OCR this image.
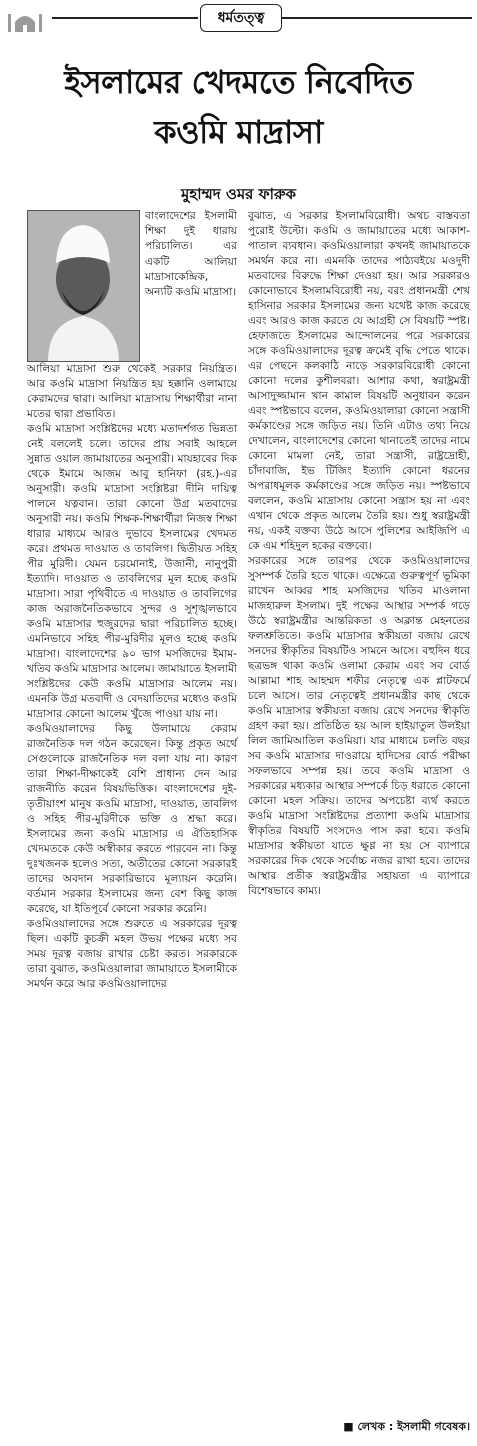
ধর্মতত্ত্ব
ইসলামের খেদমতে নিবেদিত
কওমি মাদ্রাসা
মুহাম্মদ ওমর ফারুক
বাংলাদেশের ইসলামী শিক্ষা দুই ধারায় পরিচালিত। এর একটি আলিয়া মাদ্রাসাকেন্দ্রিক, অন্যটি কওমি মাদ্রাসা।

আলিয়া মাদ্রাসা শুরু থেকেই সরকার নিয়ন্ত্রিত। আর কওমি মাদ্রাসা নিয়ন্ত্রিত হয় হক্কানি ওলামায়ে কেরামদের দ্বারা। আলিয়া মাদ্রাসায় শিক্ষার্থীরা নানা মতের দ্বারা প্রভাবিত।

কওমি মাদ্রাসা সংশ্লিষ্টদের মধ্যে মতাদর্শগত ভিন্নতা নেই বললেই চলে। তাদের প্রায় সবাই আহলে সুন্নাত ওয়াল জামায়াতের অনুসারী। মাযহাবের দিক থেকে ইমামে আজম আবু হানিফা (রহ.)-এর অনুসারী। কওমি মাদ্রাসা সংশ্লিষ্টরা দীনি দায়িত্ব পালনে যত্নবান। তারা কোনো উগ্র মতবাদের অনুসারী নয়। কওমি শিক্ষক-শিক্ষার্থীরা নিজস্ব শিক্ষা ধারার মাধ্যমে আরও দুভাবে ইসলামের খেদমত করে। প্রথমত দাওয়াত ও তাবলিগ। দ্বিতীয়ত সহিহ পীর মুরিদী। যেমন চরমোনাই, উজানী, নানুপুরী ইত্যাদি। দাওয়াত ও তাবলিগের মূল হচ্ছে কওমি মাদ্রাসা। সারা পৃথিবীতে এ দাওয়াত ও তাবলিগের কাজ অরাজনৈতিকভাবে সুন্দর ও সুশৃঙ্খলভাবে কওমি মাদ্রাসার হুজুরদের দ্বারা পরিচালিত হচ্ছে। এমনিভাবে সহিহ পীর-মুরিদীর মূলও হচ্ছে কওমি মাদ্রাসা। বাংলাদেশের ৯০ ভাগ মসজিদের ইমাম-খতিব কওমি মাদ্রাসার আলেম। জামায়াতে ইসলামী সংশ্লিষ্টদের কেউ কওমি মাদ্রাসার আলেম নয়। এমনকি উগ্র মতবাদী ও বেদয়াতিদের মধ্যেও কওমি মাদ্রাসার কোনো আলেম খুঁজে পাওয়া যায় না।

কওমিওয়ালাদের কিছু উলামায়ে কেরাম রাজনৈতিক দল গঠন করেছেন। কিন্তু প্রকৃত অর্থে সেগুলোকে রাজনৈতিক দল বলা যায় না। কারণ তারা শিক্ষা-দীক্ষাকেই বেশি প্রাধান্য দেন আর রাজনীতি করেন বিষয়ভিত্তিক। বাংলাদেশের দুই-তৃতীয়াংশ মানুষ কওমি মাদ্রাসা, দাওয়াত, তাবলিগ ও সহিহ পীর-মুরিদীকে ভক্তি ও শ্রদ্ধা করে। ইসলামের জন্য কওমি মাদ্রাসার এ ঐতিহাসিক খেদমতকে কেউ অস্বীকার করতে পারবেন না। কিন্তু দুঃখজনক হলেও সত্য, অতীতের কোনো সরকারই তাদের অবদান সরকারিভাবে মূল্যায়ন করেনি। বর্তমান সরকার ইসলামের জন্য বেশ কিছু কাজ করেছে, যা ইতিপূর্বে কোনো সরকার করেনি।

কওমিওয়ালাদের সঙ্গে শুরুতে এ সরকারের দূরত্ব ছিল। একটি কুচক্রী মহল উভয় পক্ষের মধ্যে সব সময় দূরত্ব বজায় রাখার চেষ্টা করত। সরকারকে তারা বুঝাত, কওমিওয়ালারা জামায়াতে ইসলামীকে সমর্থন করে আর কওমিওয়ালাদের

বুঝাত, এ সরকার ইসলামবিরোধী। অথচ বাস্তবতা পুরোই উল্টো। কওমি ও জামায়াতের মধ্যে আকাশ-পাতাল ব্যবধান। কওমিওয়ালারা কখনই জামায়াতকে সমর্থন করে না। এমনকি তাদের পাঠ্যবইয়ে মওদুদী মতবাদের বিরুদ্ধে শিক্ষা দেওয়া হয়। আর সরকারও কোনোভাবে ইসলামবিরোধী নয়, বরং প্রধানমন্ত্রী শেখ হাসিনার সরকার ইসলামের জন্য যথেষ্ট কাজ করেছে এবং আরও কাজ করতে যে আগ্রহী সে বিষয়টি স্পষ্ট। হেফাজতে ইসলামের আন্দোলনের পরে সরকারের সঙ্গে কওমিওয়ালাদের দূরত্ব ক্রমেই বৃদ্ধি পেতে থাকে। এর পেছনে কলকাঠি নাড়ে সরকারবিরোধী কোনো কোনো দলের কুশীলবরা। আশার কথা, স্বরাষ্ট্রমন্ত্রী আসাদুজ্জামান খান কামাল বিষয়টি অনুধাবন করেন এবং স্পষ্টভাবে বলেন, কওমিওয়ালারা কোনো সন্ত্রাসী কর্মকাণ্ডের সঙ্গে জড়িত নয়। তিনি এটাও তথ্য নিয়ে দেখালেন, বাংলাদেশের কোনো থানাতেই তাদের নামে কোনো মামলা নেই, তারা সন্ত্রাসী, রাষ্ট্রদ্রোহী, চাঁদাবাজি, ইভ টিজিং ইত্যাদি কোনো ধরনের অপরাধমূলক কর্মকাণ্ডের সঙ্গে জড়িত নয়। স্পষ্টভাবে বললেন, কওমি মাদ্রাসায় কোনো সন্ত্রাস হয় না এবং এখান থেকে প্রকৃত আলেম তৈরি হয়। শুধু স্বরাষ্ট্রমন্ত্রী নয়, একই বক্তব্য উঠে আসে পুলিশের আইজিপি এ কে এম শহিদুল হকের বক্তব্যে।

সরকারের সঙ্গে তারপর থেকে কওমিওয়ালাদের সুসম্পর্ক তৈরি হতে থাকে। এক্ষেত্রে গুরুত্বপূর্ণ ভূমিকা রাখেন আব্বর শাহ মসজিদের খতিব মাওলানা মাজহারুল ইসলাম। দুই পক্ষের আস্থার সম্পর্ক গড়ে উঠে স্বরাষ্ট্রমন্ত্রীর আন্তরিকতা ও অক্লান্ত মেহনতের ফলশ্রুতিতে। কওমি মাদ্রাসার স্বকীয়তা বজায় রেখে সনদের স্বীকৃতির বিষয়টিও সামনে আসে। বহুদিন ধরে ছত্রভঙ্গ থাকা কওমি ওলামা কেরাম এবং সব বোর্ড আল্লামা শাহ আহম্মদ শফীর নেতৃত্বে এক প্লাটফর্মে চলে আসে। তার নেতৃত্বেই প্রধানমন্ত্রীর কাছ থেকে কওমি মাদ্রাসার স্বকীয়তা বজায় রেখে সনদের স্বীকৃতি গ্রহণ করা হয়। প্রতিষ্ঠিত হয় আল হাইয়াতুল উলইয়া লিল জামিআতিল কওমিয়া। যার মাধ্যমে চলতি বছর সব কওমি মাদ্রাসার দাওরায়ে হাদিসের বোর্ড পরীক্ষা সফলভাবে সম্পন্ন হয়। তবে কওমি মাদ্রাসা ও সরকারের মধ্যকার আস্থার সম্পর্কে চিড় ধরাতে কোনো কোনো মহল সক্রিয়। তাদের অপচেষ্টা ব্যর্থ করতে কওমি মাদ্রাসা সংশ্লিষ্টদের প্রত্যাশা কওমি মাদ্রাসার স্বীকৃতির বিষয়টি সংসদেও পাস করা হবে। কওমি মাদ্রাসার স্বকীয়তা যাতে ক্ষুণ্ণ না হয় সে ব্যাপারে সরকারের দিক থেকে সর্বোচ্চ নজর রাখা হবে। তাদের আস্থার প্রতীক স্বরাষ্ট্রমন্ত্রীর সহায়তা এ ব্যাপারে বিশেষভাবে কাম্য।

■ লেখক : ইসলামী গবেষক।
